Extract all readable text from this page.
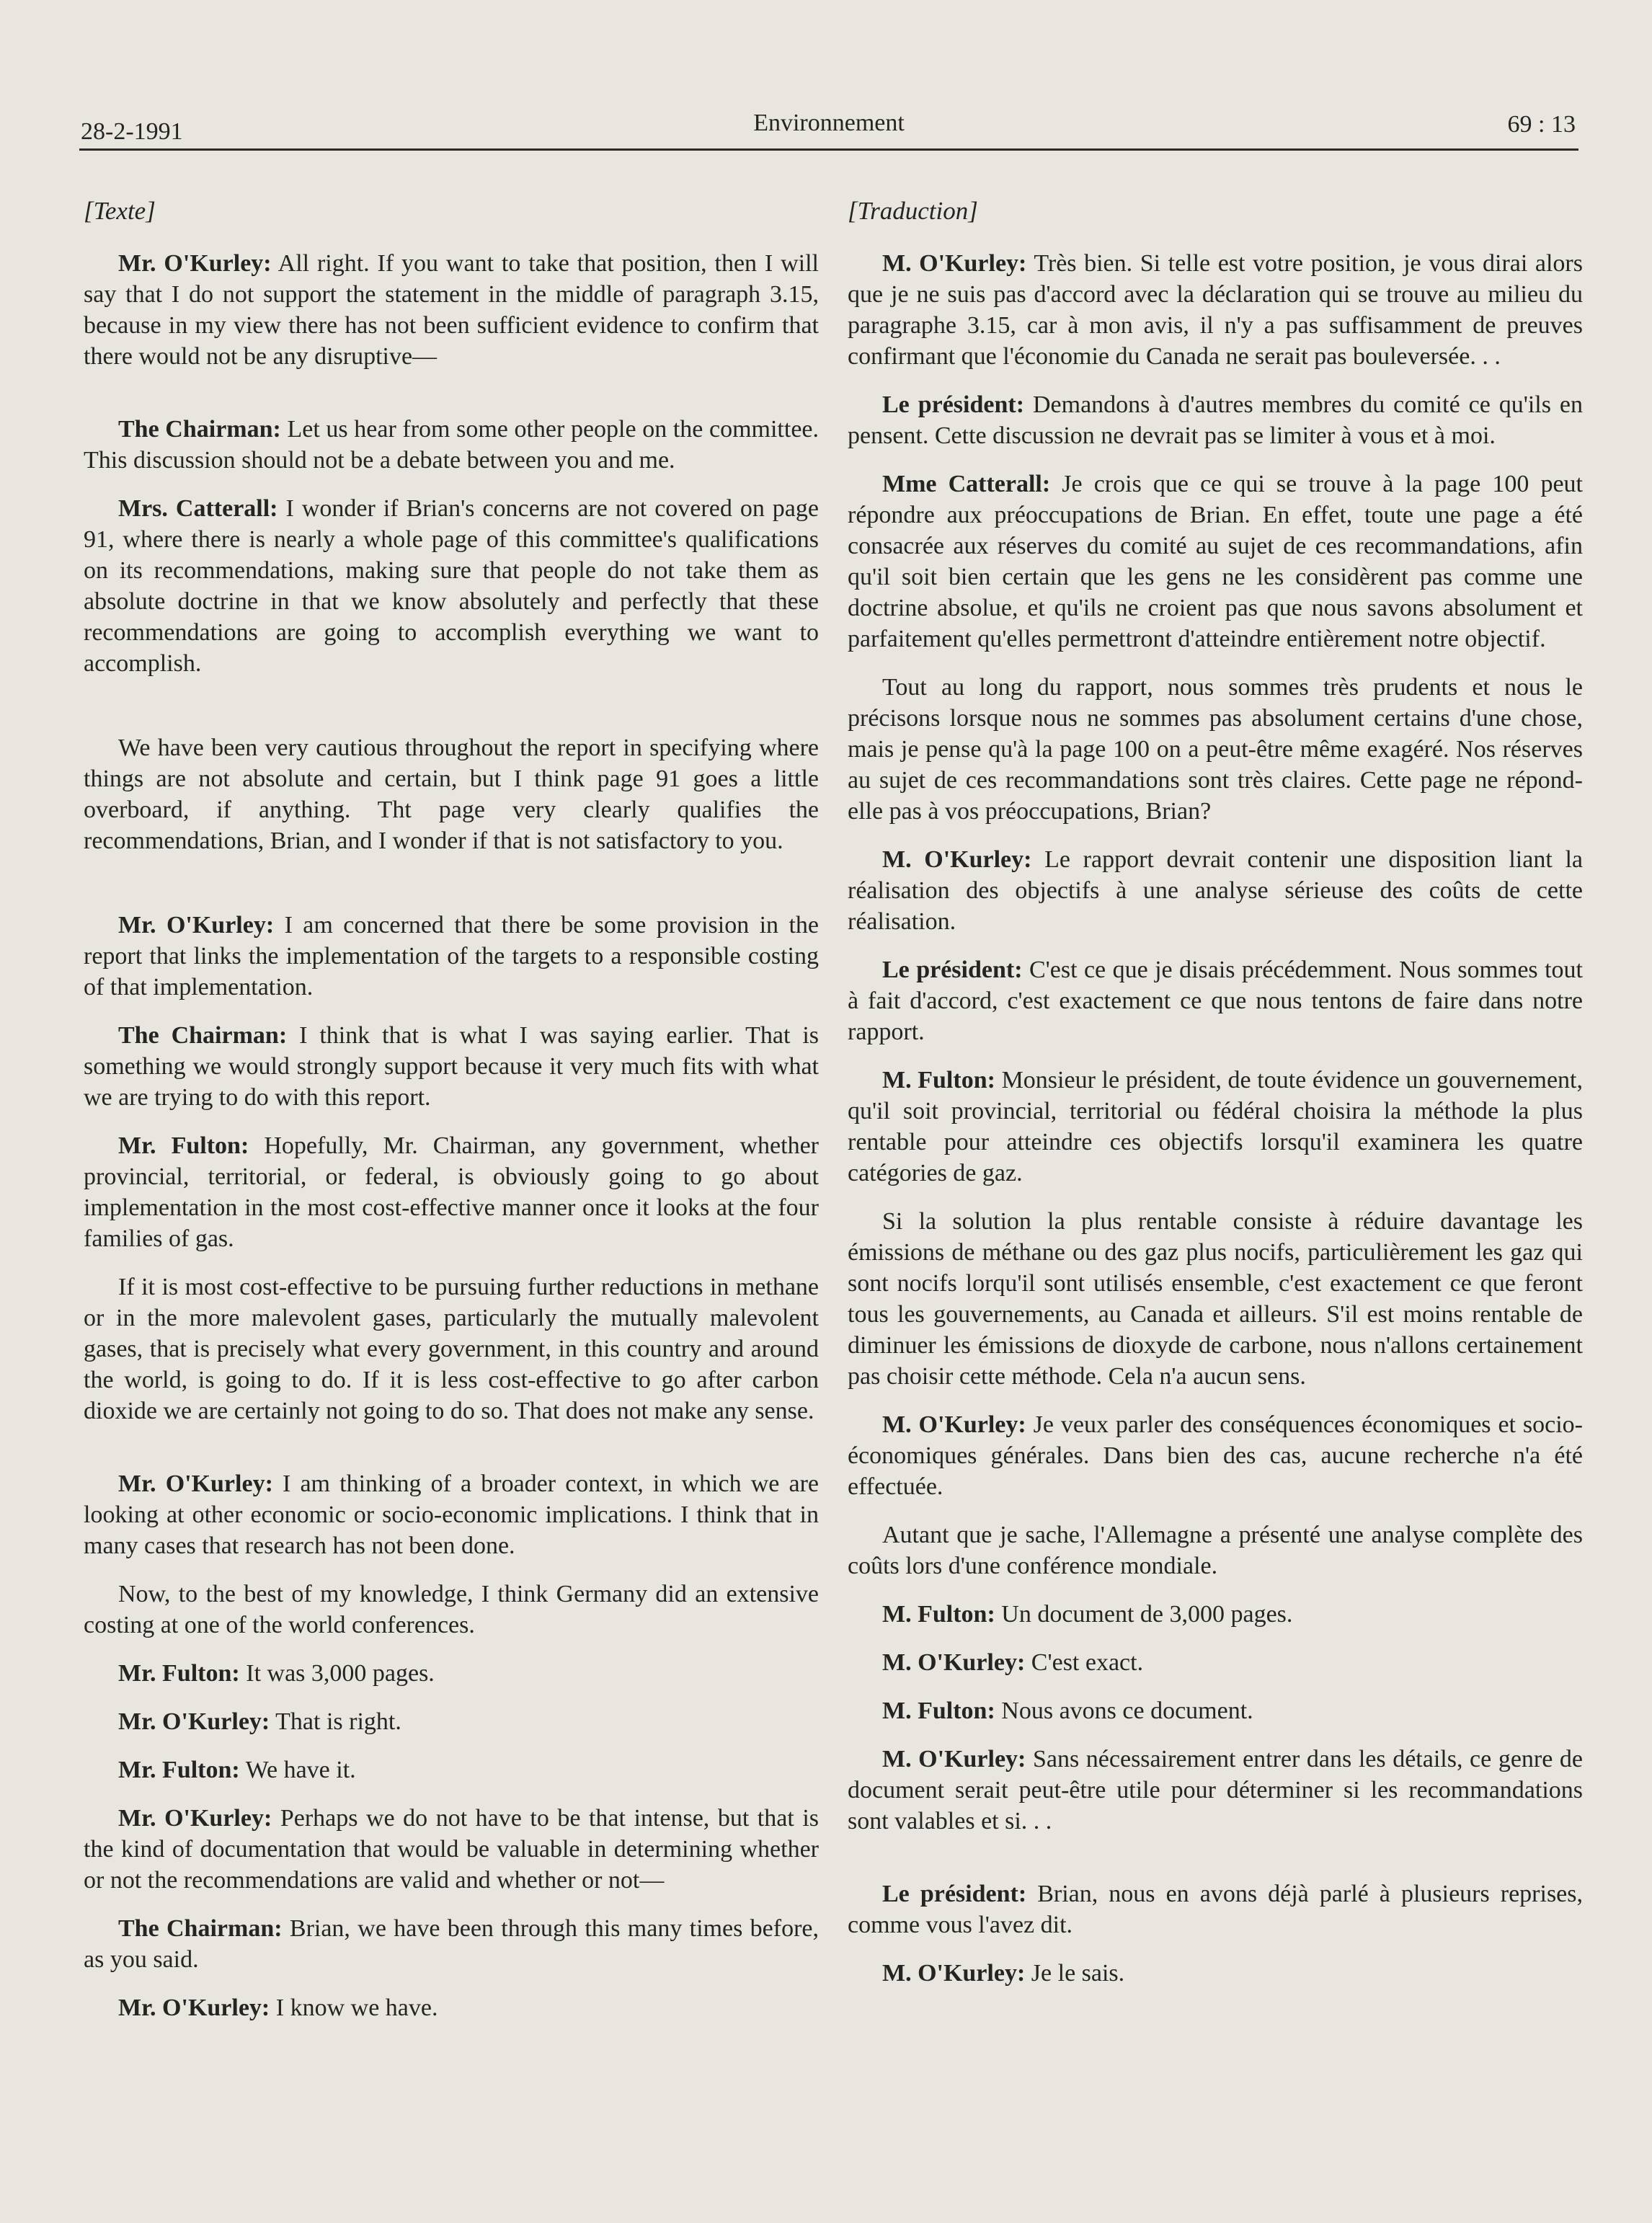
28-2-1991	Environnement	69 : 13
[Texte]

Mr. O'Kurley: All right. If you want to take that position, then I will say that I do not support the statement in the middle of paragraph 3.15, because in my view there has not been sufficient evidence to confirm that there would not be any disruptive—

The Chairman: Let us hear from some other people on the committee. This discussion should not be a debate between you and me.

Mrs. Catterall: I wonder if Brian's concerns are not covered on page 91, where there is nearly a whole page of this committee's qualifications on its recommendations, making sure that people do not take them as absolute doctrine in that we know absolutely and perfectly that these recommendations are going to accomplish everything we want to accomplish.

We have been very cautious throughout the report in specifying where things are not absolute and certain, but I think page 91 goes a little overboard, if anything. Tht page very clearly qualifies the recommendations, Brian, and I wonder if that is not satisfactory to you.

Mr. O'Kurley: I am concerned that there be some provision in the report that links the implementation of the targets to a responsible costing of that implementation.

The Chairman: I think that is what I was saying earlier. That is something we would strongly support because it very much fits with what we are trying to do with this report.

Mr. Fulton: Hopefully, Mr. Chairman, any government, whether provincial, territorial, or federal, is obviously going to go about implementation in the most cost-effective manner once it looks at the four families of gas.

If it is most cost-effective to be pursuing further reductions in methane or in the more malevolent gases, particularly the mutually malevolent gases, that is precisely what every government, in this country and around the world, is going to do. If it is less cost-effective to go after carbon dioxide we are certainly not going to do so. That does not make any sense.

Mr. O'Kurley: I am thinking of a broader context, in which we are looking at other economic or socio-economic implications. I think that in many cases that research has not been done.

Now, to the best of my knowledge, I think Germany did an extensive costing at one of the world conferences.

Mr. Fulton: It was 3,000 pages.

Mr. O'Kurley: That is right.

Mr. Fulton: We have it.

Mr. O'Kurley: Perhaps we do not have to be that intense, but that is the kind of documentation that would be valuable in determining whether or not the recommendations are valid and whether or not—

The Chairman: Brian, we have been through this many times before, as you said.

Mr. O'Kurley: I know we have.

[Traduction]

M. O'Kurley: Très bien. Si telle est votre position, je vous dirai alors que je ne suis pas d'accord avec la déclaration qui se trouve au milieu du paragraphe 3.15, car à mon avis, il n'y a pas suffisamment de preuves confirmant que l'économie du Canada ne serait pas bouleversée. . .

Le président: Demandons à d'autres membres du comité ce qu'ils en pensent. Cette discussion ne devrait pas se limiter à vous et à moi.

Mme Catterall: Je crois que ce qui se trouve à la page 100 peut répondre aux préoccupations de Brian. En effet, toute une page a été consacrée aux réserves du comité au sujet de ces recommandations, afin qu'il soit bien certain que les gens ne les considèrent pas comme une doctrine absolue, et qu'ils ne croient pas que nous savons absolument et parfaitement qu'elles permettront d'atteindre entièrement notre objectif.

Tout au long du rapport, nous sommes très prudents et nous le précisons lorsque nous ne sommes pas absolument certains d'une chose, mais je pense qu'à la page 100 on a peut-être même exagéré. Nos réserves au sujet de ces recommandations sont très claires. Cette page ne répond-elle pas à vos préoccupations, Brian?

M. O'Kurley: Le rapport devrait contenir une disposition liant la réalisation des objectifs à une analyse sérieuse des coûts de cette réalisation.

Le président: C'est ce que je disais précédemment. Nous sommes tout à fait d'accord, c'est exactement ce que nous tentons de faire dans notre rapport.

M. Fulton: Monsieur le président, de toute évidence un gouvernement, qu'il soit provincial, territorial ou fédéral choisira la méthode la plus rentable pour atteindre ces objectifs lorsqu'il examinera les quatre catégories de gaz.

Si la solution la plus rentable consiste à réduire davantage les émissions de méthane ou des gaz plus nocifs, particulièrement les gaz qui sont nocifs lorqu'il sont utilisés ensemble, c'est exactement ce que feront tous les gouvernements, au Canada et ailleurs. S'il est moins rentable de diminuer les émissions de dioxyde de carbone, nous n'allons certainement pas choisir cette méthode. Cela n'a aucun sens.

M. O'Kurley: Je veux parler des conséquences économiques et socio-économiques générales. Dans bien des cas, aucune recherche n'a été effectuée.

Autant que je sache, l'Allemagne a présenté une analyse complète des coûts lors d'une conférence mondiale.

M. Fulton: Un document de 3,000 pages.

M. O'Kurley: C'est exact.

M. Fulton: Nous avons ce document.

M. O'Kurley: Sans nécessairement entrer dans les détails, ce genre de document serait peut-être utile pour déterminer si les recommandations sont valables et si. . .

Le président: Brian, nous en avons déjà parlé à plusieurs reprises, comme vous l'avez dit.

M. O'Kurley: Je le sais.
